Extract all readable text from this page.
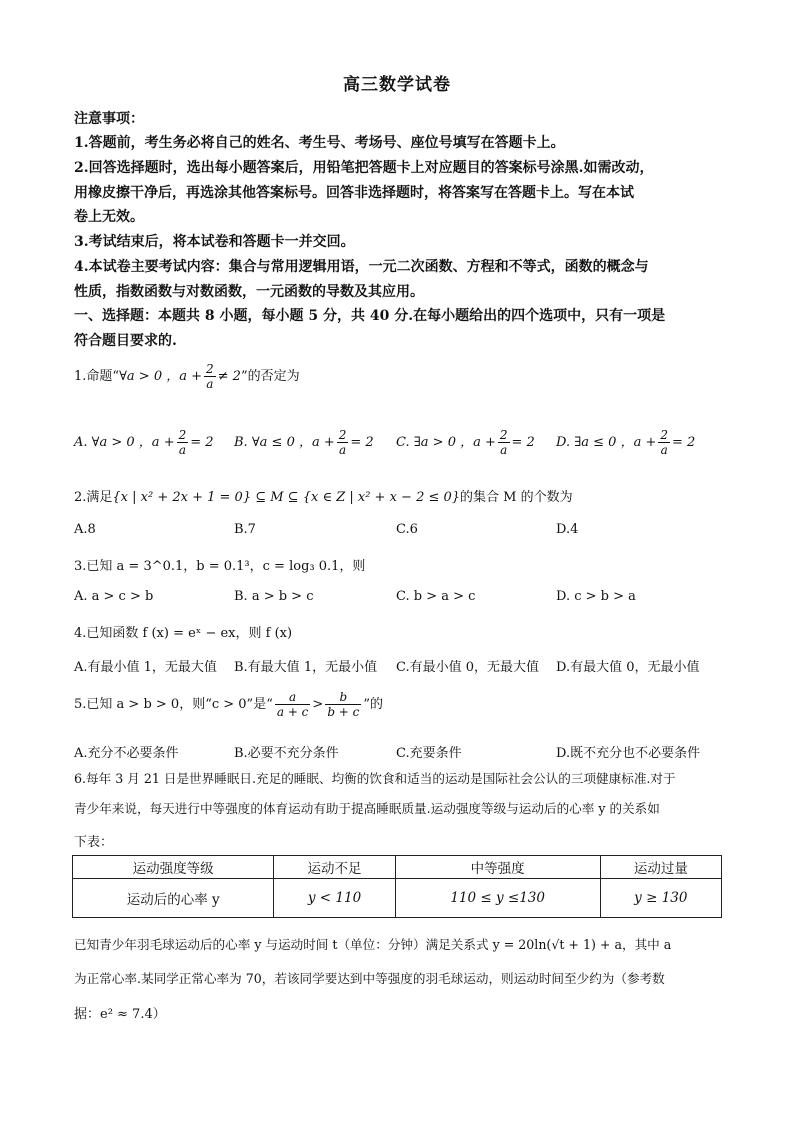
高三数学试卷
注意事项：
1.答题前，考生务必将自己的姓名、考生号、考场号、座位号填写在答题卡上。
2.回答选择题时，选出每小题答案后，用铅笔把答题卡上对应题目的答案标号涂黑.如需改动，
用橡皮擦干净后，再选涂其他答案标号。回答非选择题时，将答案写在答题卡上。写在本试
卷上无效。
3.考试结束后，将本试卷和答题卡一并交回。
4.本试卷主要考试内容：集合与常用逻辑用语，一元二次函数、方程和不等式，函数的概念与
性质，指数函数与对数函数，一元函数的导数及其应用。
一、选择题：本题共 8 小题，每小题 5 分，共 40 分.在每小题给出的四个选项中，只有一项是
符合题目要求的.
1.命题“∀a > 0 ，$a + \frac{2}{a} \ne 2$”的否定为
A. ∀a > 0 ，$a + \frac{2}{a} = 2$ B. ∀a ≤ 0 ，$a + \frac{2}{a} = 2$ C. ∃a > 0 ，$a + \frac{2}{a} = 2$ D. ∃a ≤ 0 ，$a + \frac{2}{a} = 2$
2.满足{x | x² + 2x + 1 = 0} ⊆ M ⊆ {x ∈ Z | x² + x − 2 ≤ 0}的集合 M 的个数为
A.8	B.7	C.6	D.4
3.已知 a = 3^0.1，b = 0.1³，c = log₃ 0.1，则
A. a > c > b	B. a > b > c	C. b > a > c	D. c > b > a
4.已知函数 f (x) = eˣ − ex，则 f (x)
A.有最小值 1，无最大值 B.有最大值 1，无最小值 C.有最小值 0，无最大值 D.有最大值 0，无最小值
5.已知 a > b > 0，则“c > 0”是“ $\frac{a}{a + c} > \frac{b}{b + c}$ ”的
A.充分不必要条件	B.必要不充分条件	C.充要条件	D.既不充分也不必要条件
6.每年 3 月 21 日是世界睡眠日.充足的睡眠、均衡的饮食和适当的运动是国际社会公认的三项健康标准.对于
青少年来说，每天进行中等强度的体育运动有助于提高睡眠质量.运动强度等级与运动后的心率 y 的关系如
下表：
运动强度等级	运动不足	中等强度	运动过量
运动后的心率 y	y < 110	110 ≤ y ≤130	y ≥ 130
已知青少年羽毛球运动后的心率 y 与运动时间 t（单位：分钟）满足关系式 y = 20ln(√t + 1) + a，其中 a
为正常心率.某同学正常心率为 70，若该同学要达到中等强度的羽毛球运动，则运动时间至少约为（参考数
据：e² ≈ 7.4）
